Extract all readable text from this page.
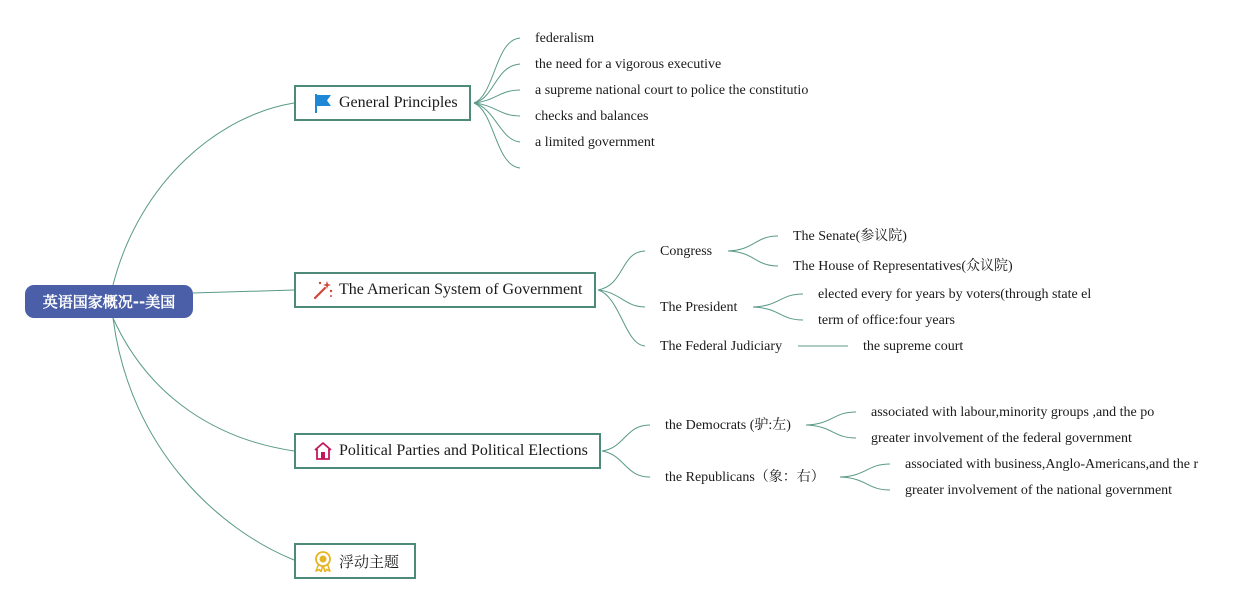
英语国家概况--美国
General Principles
federalism
the need for a vigorous executive
a supreme national court to police the constitutio
checks and balances
a limited government
The American System of Government
Congress
The Senate(参议院)
The House of Representatives(众议院)
The President
elected every for years by voters(through state el
term of office:four years
The Federal Judiciary	the supreme court
Political Parties and Political Elections
the Democrats (驴:左)
associated with labour,minority groups ,and the po
greater involvement of the federal government
the Republicans（象：右）
associated with business,Anglo-Americans,and the r
greater involvement of the national government
浮动主题
